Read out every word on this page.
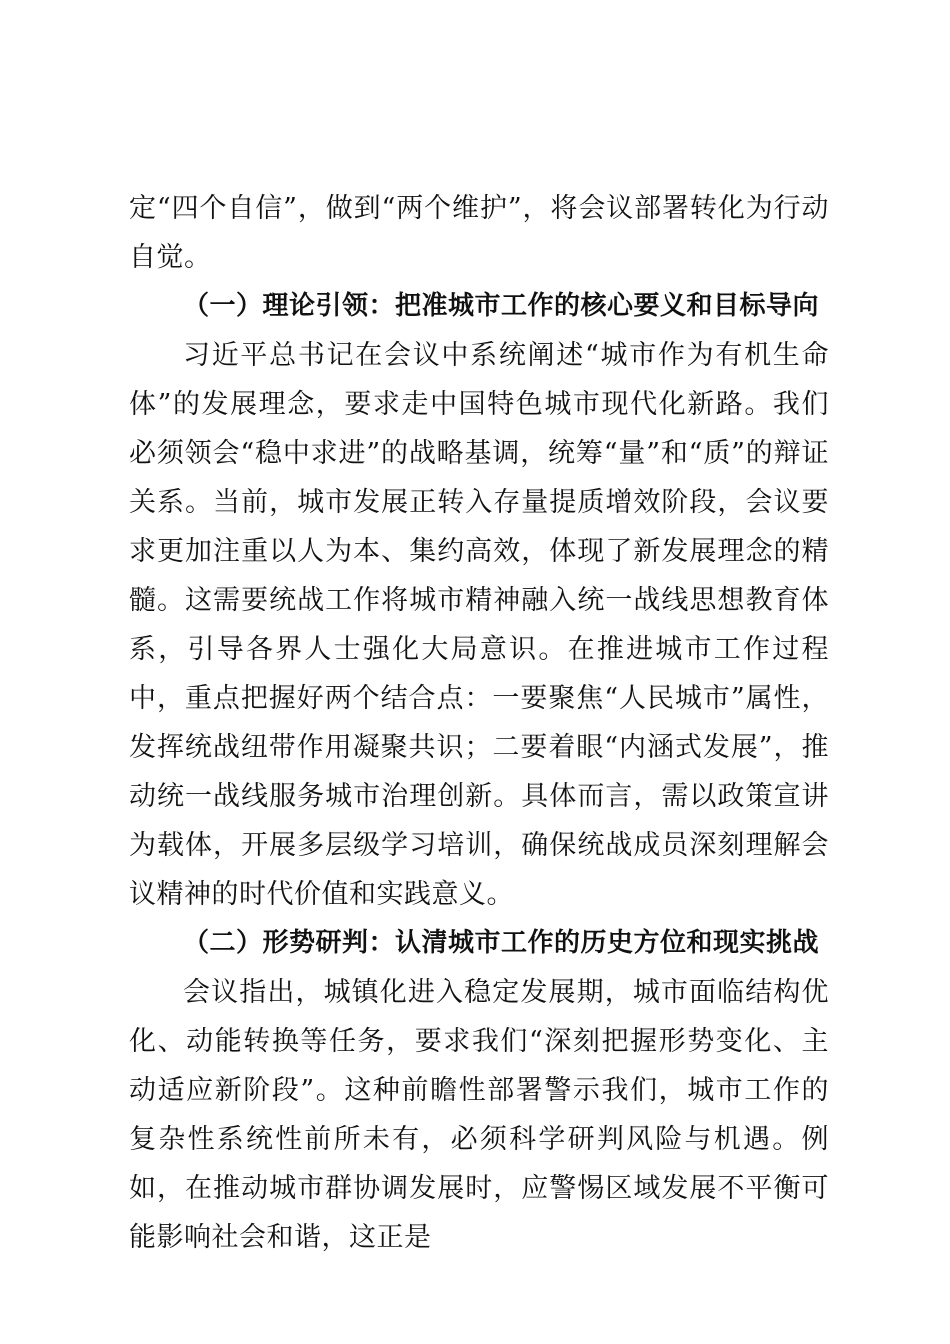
定“四个自信”，做到“两个维护”，将会议部署转化为行动自觉。

（一）理论引领：把准城市工作的核心要义和目标导向

习近平总书记在会议中系统阐述“城市作为有机生命体”的发展理念，要求走中国特色城市现代化新路。我们必须领会“稳中求进”的战略基调，统筹“量”和“质”的辩证关系。当前，城市发展正转入存量提质增效阶段，会议要求更加注重以人为本、集约高效，体现了新发展理念的精髓。这需要统战工作将城市精神融入统一战线思想教育体系，引导各界人士强化大局意识。在推进城市工作过程中，重点把握好两个结合点：一要聚焦“人民城市”属性，发挥统战纽带作用凝聚共识；二要着眼“内涵式发展”，推动统一战线服务城市治理创新。具体而言，需以政策宣讲为载体，开展多层级学习培训，确保统战成员深刻理解会议精神的时代价值和实践意义。

（二）形势研判：认清城市工作的历史方位和现实挑战

会议指出，城镇化进入稳定发展期，城市面临结构优化、动能转换等任务，要求我们“深刻把握形势变化、主动适应新阶段”。这种前瞻性部署警示我们，城市工作的复杂性系统性前所未有，必须科学研判风险与机遇。例如，在推动城市群协调发展时，应警惕区域发展不平衡可能影响社会和谐，这正是
